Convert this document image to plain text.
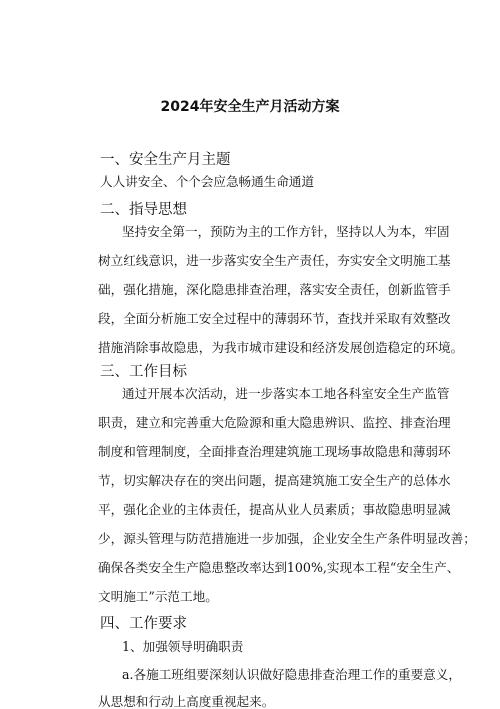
2024年安全生产月活动方案
一、安全生产月主题
人人讲安全、个个会应急畅通生命通道
二、指导思想
坚持安全第一，预防为主的工作方针，坚持以人为本，牢固
树立红线意识，进一步落实安全生产责任，夯实安全文明施工基
础，强化措施，深化隐患排查治理，落实安全责任，创新监管手
段，全面分析施工安全过程中的薄弱环节，查找并采取有效整改
措施消除事故隐患，为我市城市建设和经济发展创造稳定的环境。
三、工作目标
通过开展本次活动，进一步落实本工地各科室安全生产监管
职责，建立和完善重大危险源和重大隐患辨识、监控、排查治理
制度和管理制度，全面排查治理建筑施工现场事故隐患和薄弱环
节，切实解决存在的突出问题，提高建筑施工安全生产的总体水
平，强化企业的主体责任，提高从业人员素质；事故隐患明显减
少，源头管理与防范措施进一步加强，企业安全生产条件明显改善；
确保各类安全生产隐患整改率达到100%,实现本工程“安全生产、
文明施工”示范工地。
四、工作要求
1、加强领导明确职责
a.各施工班组要深刻认识做好隐患排查治理工作的重要意义，
从思想和行动上高度重视起来。
